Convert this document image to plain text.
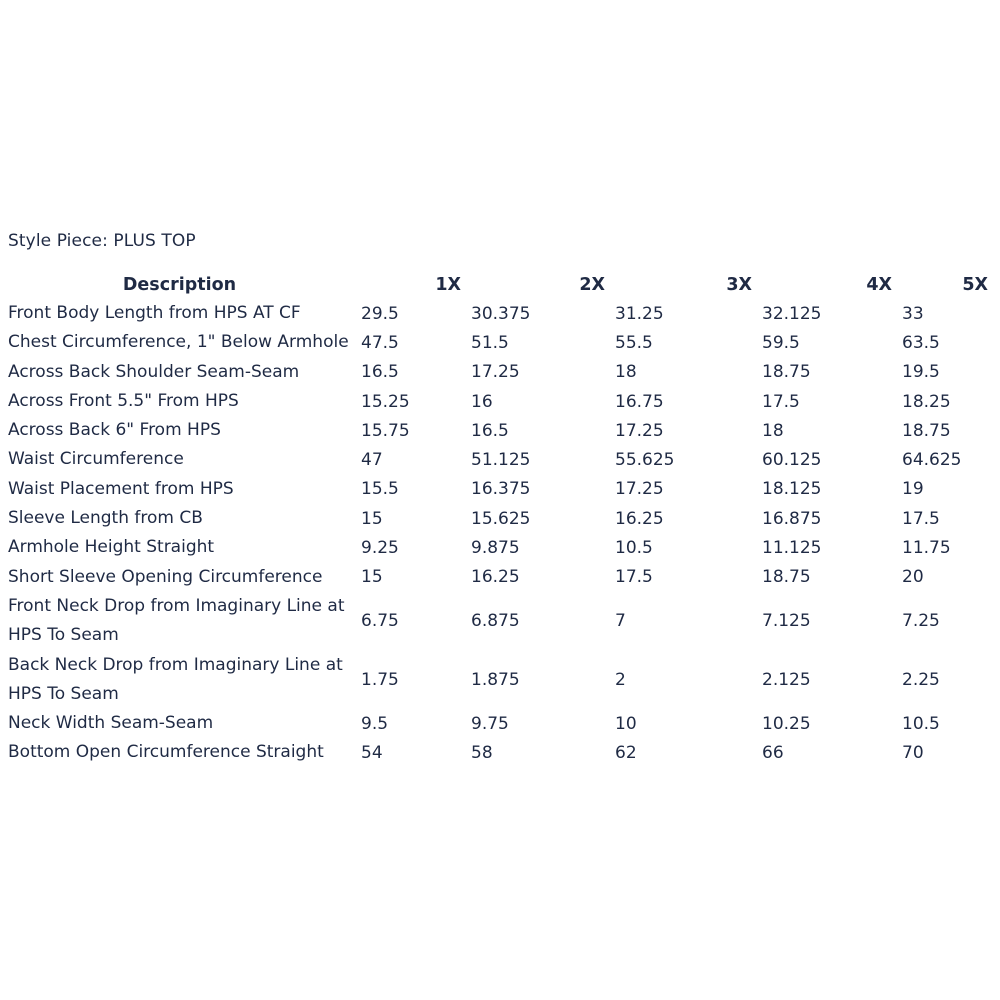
Style Piece: PLUS TOP
Description	1X	2X	3X	4X	5X
Front Body Length from HPS AT CF	29.5	30.375	31.25	32.125	33
Chest Circumference, 1" Below Armhole	47.5	51.5	55.5	59.5	63.5
Across Back Shoulder Seam-Seam	16.5	17.25	18	18.75	19.5
Across Front 5.5" From HPS	15.25	16	16.75	17.5	18.25
Across Back 6" From HPS	15.75	16.5	17.25	18	18.75
Waist Circumference	47	51.125	55.625	60.125	64.625
Waist Placement from HPS	15.5	16.375	17.25	18.125	19
Sleeve Length from CB	15	15.625	16.25	16.875	17.5
Armhole Height Straight	9.25	9.875	10.5	11.125	11.75
Short Sleeve Opening Circumference	15	16.25	17.5	18.75	20
Front Neck Drop from Imaginary Line at HPS To Seam	6.75	6.875	7	7.125	7.25
Back Neck Drop from Imaginary Line at HPS To Seam	1.75	1.875	2	2.125	2.25
Neck Width Seam-Seam	9.5	9.75	10	10.25	10.5
Bottom Open Circumference Straight	54	58	62	66	70
